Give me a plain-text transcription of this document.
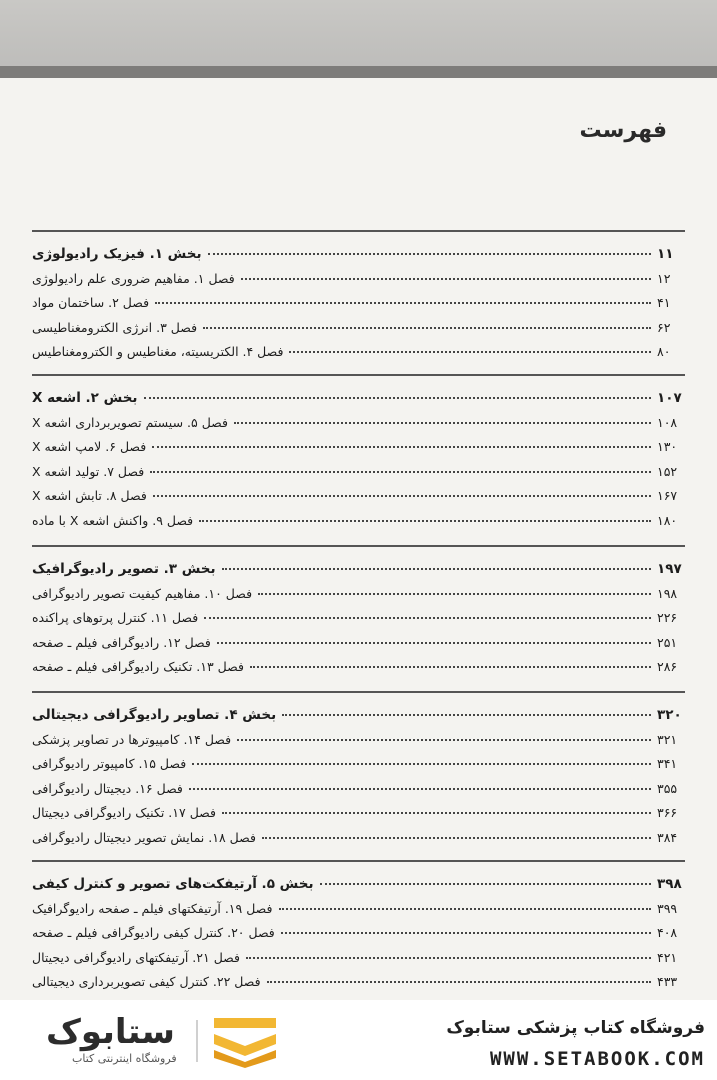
فهرست
بخش ۱. فیزیک رادیولوژی	۱۱
فصل ۱. مفاهیم ضروری علم رادیولوژی	۱۲
فصل ۲. ساختمان مواد	۴۱
فصل ۳. انرژی الکترومغناطیسی	۶۲
فصل ۴. الکتریسیته، مغناطیس و الکترومغناطیس	۸۰
بخش ۲. اشعه X	۱۰۷
فصل ۵. سیستم تصویربرداری اشعه X	۱۰۸
فصل ۶. لامپ اشعه X	۱۳۰
فصل ۷. تولید اشعه X	۱۵۲
فصل ۸. تابش اشعه X	۱۶۷
فصل ۹. واکنش اشعه X با ماده	۱۸۰
بخش ۳. تصویر رادیوگرافیک	۱۹۷
فصل ۱۰. مفاهیم کیفیت تصویر رادیوگرافی	۱۹۸
فصل ۱۱. کنترل پرتوهای پراکنده	۲۲۶
فصل ۱۲. رادیوگرافی فیلم ـ صفحه	۲۵۱
فصل ۱۳. تکنیک رادیوگرافی فیلم ـ صفحه	۲۸۶
بخش ۴. تصاویر رادیوگرافی دیجیتالی	۳۲۰
فصل ۱۴. کامپیوترها در تصاویر پزشکی	۳۲۱
فصل ۱۵. کامپیوتر رادیوگرافی	۳۴۱
فصل ۱۶. دیجیتال رادیوگرافی	۳۵۵
فصل ۱۷. تکنیک رادیوگرافی دیجیتال	۳۶۶
فصل ۱۸. نمایش تصویر دیجیتال رادیوگرافی	۳۸۴
بخش ۵. آرتیفکت‌های تصویر و کنترل کیفی	۳۹۸
فصل ۱۹. آرتیفکتهای فیلم ـ صفحه رادیوگرافیک	۳۹۹
فصل ۲۰. کنترل کیفی رادیوگرافی فیلم ـ صفحه	۴۰۸
فصل ۲۱. آرتیفکتهای رادیوگرافی دیجیتال	۴۲۱
فصل ۲۲. کنترل کیفی تصویربرداری دیجیتالی	۴۳۳
ستابوک
فروشگاه اینترنتی کتاب

فروشگاه کتاب پزشکی ستابوک

WWW.SETABOOK.COM
